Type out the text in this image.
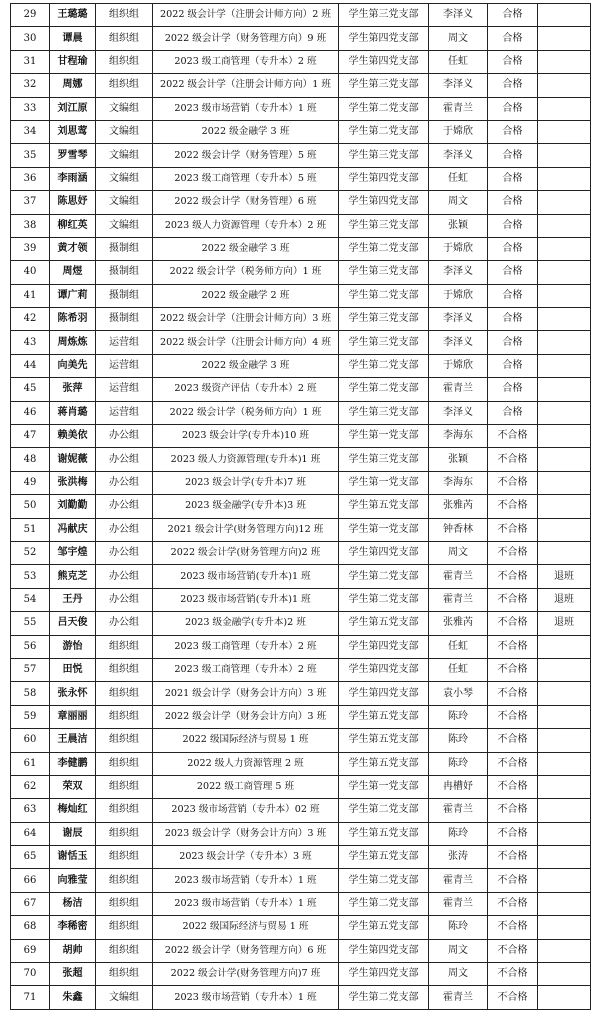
29	王璐璐	组织组	2022 级会计学（注册会计师方向）2 班	学生第三党支部	李泽义	合格	
30	谭晨	组织组	2022 级会计学（财务管理方向）9 班	学生第四党支部	周文	合格	
31	甘程瑜	组织组	2023 级工商管理（专升本）2 班	学生第四党支部	任虹	合格	
32	周娜	组织组	2022 级会计学（注册会计师方向）1 班	学生第三党支部	李泽义	合格	
33	刘江原	文编组	2023 级市场营销（专升本）1 班	学生第二党支部	霍青兰	合格	
34	刘思莺	文编组	2022 级金融学 3 班	学生第二党支部	于嫦欣	合格	
35	罗雪琴	文编组	2022 级会计学（财务管理）5 班	学生第三党支部	李泽义	合格	
36	李雨涵	文编组	2023 级工商管理（专升本）5 班	学生第四党支部	任虹	合格	
37	陈思妤	文编组	2022 级会计学（财务管理）6 班	学生第四党支部	周文	合格	
38	柳红英	文编组	2023 级人力资源管理（专升本）2 班	学生第三党支部	张颖	合格	
39	黄才领	摄制组	2022 级金融学 3 班	学生第二党支部	于嫦欣	合格	
40	周煜	摄制组	2022 级会计学（税务师方向）1 班	学生第三党支部	李泽义	合格	
41	谭广莉	摄制组	2022 级金融学 2 班	学生第二党支部	于嫦欣	合格	
42	陈希羽	摄制组	2022 级会计学（注册会计师方向）3 班	学生第三党支部	李泽义	合格	
43	周炼炼	运营组	2022 级会计学（注册会计师方向）4 班	学生第三党支部	李泽义	合格	
44	向美先	运营组	2022 级金融学 3 班	学生第二党支部	于嫦欣	合格	
45	张萍	运营组	2023 级资产评估（专升本）2 班	学生第二党支部	霍青兰	合格	
46	蒋肖璐	运营组	2022 级会计学（税务师方向）1 班	学生第三党支部	李泽义	合格	
47	赖美依	办公组	2023 级会计学(专升本)10 班	学生第一党支部	李海东	不合格	
48	谢妮薇	办公组	2023 级人力资源管理(专升本)1 班	学生第三党支部	张颖	不合格	
49	张洪梅	办公组	2023 级会计学(专升本)7 班	学生第一党支部	李海东	不合格	
50	刘勤勤	办公组	2023 级金融学(专升本)3 班	学生第五党支部	张雅芮	不合格	
51	冯献庆	办公组	2021 级会计学(财务管理方向)12 班	学生第一党支部	钟香林	不合格	
52	邹宇煌	办公组	2022 级会计学(财务管理方向)2 班	学生第四党支部	周文	不合格	
53	熊克芝	办公组	2023 级市场营销(专升本)1 班	学生第二党支部	霍青兰	不合格	退班
54	王丹	办公组	2023 级市场营销(专升本)1 班	学生第二党支部	霍青兰	不合格	退班
55	吕天俊	办公组	2023 级金融学(专升本)2 班	学生第五党支部	张雅芮	不合格	退班
56	游怡	组织组	2023 级工商管理（专升本）2 班	学生第四党支部	任虹	不合格	
57	田悦	组织组	2023 级工商管理（专升本）2 班	学生第四党支部	任虹	不合格	
58	张永怀	组织组	2021 级会计学（财务会计方向）3 班	学生第四党支部	袁小琴	不合格	
59	章丽丽	组织组	2022 级会计学（财务会计方向）3 班	学生第五党支部	陈玲	不合格	
60	王晨洁	组织组	2022 级国际经济与贸易 1 班	学生第五党支部	陈玲	不合格	
61	李健鹏	组织组	2022 级人力资源管理 2 班	学生第五党支部	陈玲	不合格	
62	荣双	组织组	2022 级工商管理 5 班	学生第一党支部	冉槽妤	不合格	
63	梅灿红	组织组	2023 级市场营销（专升本）02 班	学生第二党支部	霍青兰	不合格	
64	谢辰	组织组	2023 级会计学（财务会计方向）3 班	学生第五党支部	陈玲	不合格	
65	谢恬玉	组织组	2023 级会计学（专升本）3 班	学生第五党支部	张涛	不合格	
66	向雅莹	组织组	2023 级市场营销（专升本）1 班	学生第二党支部	霍青兰	不合格	
67	杨洁	组织组	2023 级市场营销（专升本）1 班	学生第二党支部	霍青兰	不合格	
68	李稀密	组织组	2022 级国际经济与贸易 1 班	学生第五党支部	陈玲	不合格	
69	胡帅	组织组	2022 级会计学（财务管理方向）6 班	学生第四党支部	周文	不合格	
70	张超	组织组	2022 级会计学(财务管理方向)7 班	学生第四党支部	周文	不合格	
71	朱鑫	文编组	2023 级市场营销（专升本）1 班	学生第二党支部	霍青兰	不合格	
